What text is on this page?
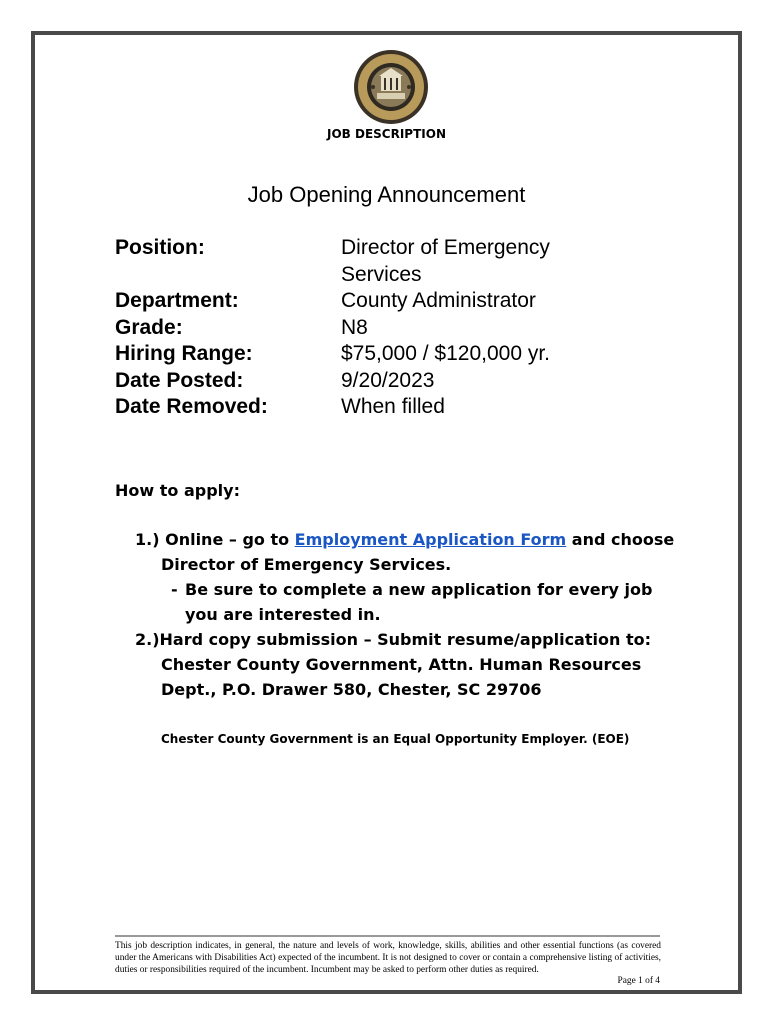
JOB DESCRIPTION
Job Opening Announcement
Position:	Director of Emergency Services
Department:	County Administrator
Grade:	N8
Hiring Range:	$75,000 / $120,000 yr.
Date Posted:	9/20/2023
Date Removed:	When filled
How to apply:
1.) Online – go to Employment Application Form and choose
Director of Emergency Services.
- Be sure to complete a new application for every job
you are interested in.
2.)Hard copy submission – Submit resume/application to:
Chester County Government, Attn. Human Resources
Dept., P.O. Drawer 580, Chester, SC 29706
Chester County Government is an Equal Opportunity Employer. (EOE)
This job description indicates, in general, the nature and levels of work, knowledge, skills, abilities and other essential functions (as covered under the Americans with Disabilities Act) expected of the incumbent. It is not designed to cover or contain a comprehensive listing of activities, duties or responsibilities required of the incumbent. Incumbent may be asked to perform other duties as required.
Page 1 of 4
